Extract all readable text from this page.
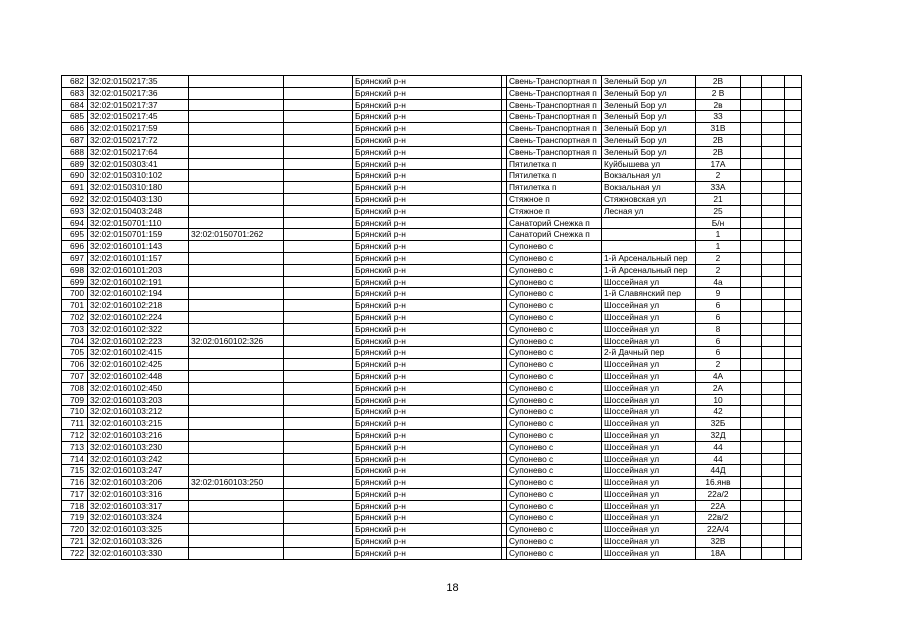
682	32:02:0150217:35			Брянский р-н		Свень-Транспортная п	Зеленый Бор ул	2В			
683	32:02:0150217:36			Брянский р-н		Свень-Транспортная п	Зеленый Бор ул	2 В			
684	32:02:0150217:37			Брянский р-н		Свень-Транспортная п	Зеленый Бор ул	2в			
685	32:02:0150217:45			Брянский р-н		Свень-Транспортная п	Зеленый Бор ул	33			
686	32:02:0150217:59			Брянский р-н		Свень-Транспортная п	Зеленый Бор ул	31В			
687	32:02:0150217:72			Брянский р-н		Свень-Транспортная п	Зеленый Бор ул	2В			
688	32:02:0150217:64			Брянский р-н		Свень-Транспортная п	Зеленый Бор ул	2В			
689	32:02:0150303:41			Брянский р-н		Пятилетка п	Куйбышева ул	17А			
690	32:02:0150310:102			Брянский р-н		Пятилетка п	Вокзальная ул	2			
691	32:02:0150310:180			Брянский р-н		Пятилетка п	Вокзальная ул	33А			
692	32:02:0150403:130			Брянский р-н		Стяжное п	Стяжновская ул	21			
693	32:02:0150403:248			Брянский р-н		Стяжное п	Лесная ул	25			
694	32:02:0150701:110			Брянский р-н		Санаторий Снежка п		Б/н			
695	32:02:0150701:159	32:02:0150701:262		Брянский р-н		Санаторий Снежка п		1			
696	32:02:0160101:143			Брянский р-н		Супонево с		1			
697	32:02:0160101:157			Брянский р-н		Супонево с	1-й Арсенальный пер	2			
698	32:02:0160101:203			Брянский р-н		Супонево с	1-й Арсенальный пер	2			
699	32:02:0160102:191			Брянский р-н		Супонево с	Шоссейная ул	4а			
700	32:02:0160102:194			Брянский р-н		Супонево с	1-й Славянский пер	9			
701	32:02:0160102:218			Брянский р-н		Супонево с	Шоссейная ул	6			
702	32:02:0160102:224			Брянский р-н		Супонево с	Шоссейная ул	6			
703	32:02:0160102:322			Брянский р-н		Супонево с	Шоссейная ул	8			
704	32:02:0160102:223	32:02:0160102:326		Брянский р-н		Супонево с	Шоссейная ул	6			
705	32:02:0160102:415			Брянский р-н		Супонево с	2-й Дачный пер	6			
706	32:02:0160102:425			Брянский р-н		Супонево с	Шоссейная ул	2			
707	32:02:0160102:448			Брянский р-н		Супонево с	Шоссейная ул	4А			
708	32:02:0160102:450			Брянский р-н		Супонево с	Шоссейная ул	2А			
709	32:02:0160103:203			Брянский р-н		Супонево с	Шоссейная ул	10			
710	32:02:0160103:212			Брянский р-н		Супонево с	Шоссейная ул	42			
711	32:02:0160103:215			Брянский р-н		Супонево с	Шоссейная ул	32Б			
712	32:02:0160103:216			Брянский р-н		Супонево с	Шоссейная ул	32Д			
713	32:02:0160103:230			Брянский р-н		Супонево с	Шоссейная ул	44			
714	32:02:0160103:242			Брянский р-н		Супонево с	Шоссейная ул	44			
715	32:02:0160103:247			Брянский р-н		Супонево с	Шоссейная ул	44Д			
716	32:02:0160103:206	32:02:0160103:250		Брянский р-н		Супонево с	Шоссейная ул	16.янв			
717	32:02:0160103:316			Брянский р-н		Супонево с	Шоссейная ул	22а/2			
718	32:02:0160103:317			Брянский р-н		Супонево с	Шоссейная ул	22А			
719	32:02:0160103:324			Брянский р-н		Супонево с	Шоссейная ул	22в/2			
720	32:02:0160103:325			Брянский р-н		Супонево с	Шоссейная ул	22А/4			
721	32:02:0160103:326			Брянский р-н		Супонево с	Шоссейная ул	32В			
722	32:02:0160103:330			Брянский р-н		Супонево с	Шоссейная ул	18А			
18
